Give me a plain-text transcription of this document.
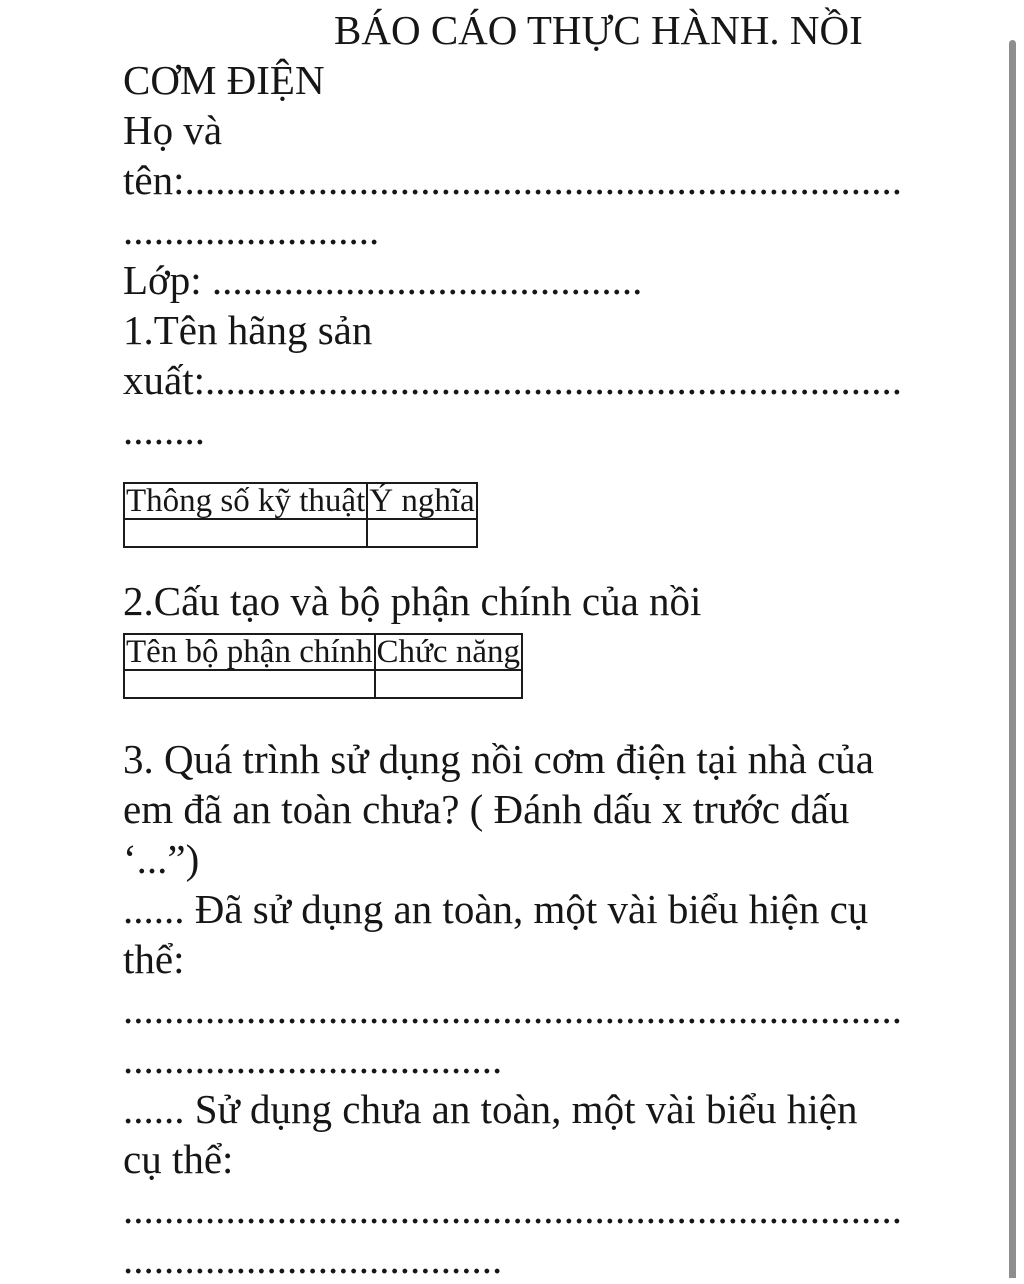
BÁO CÁO THỰC HÀNH. NỒI
CƠM ĐIỆN
Họ và
tên:......................................................................
.........................
Lớp: ..........................................
1.Tên hãng sản
xuất:....................................................................
........
Thông số kỹ thuật	Ý nghĩa

2.Cấu tạo và bộ phận chính của nồi
Tên bộ phận chính	Chức năng

3. Quá trình sử dụng nồi cơm điện tại nhà của
em đã an toàn chưa? ( Đánh dấu x trước dấu
‘...”)
...... Đã sử dụng an toàn, một vài biểu hiện cụ
thể:
............................................................................
.....................................
...... Sử dụng chưa an toàn, một vài biểu hiện
cụ thể:
............................................................................
.....................................
